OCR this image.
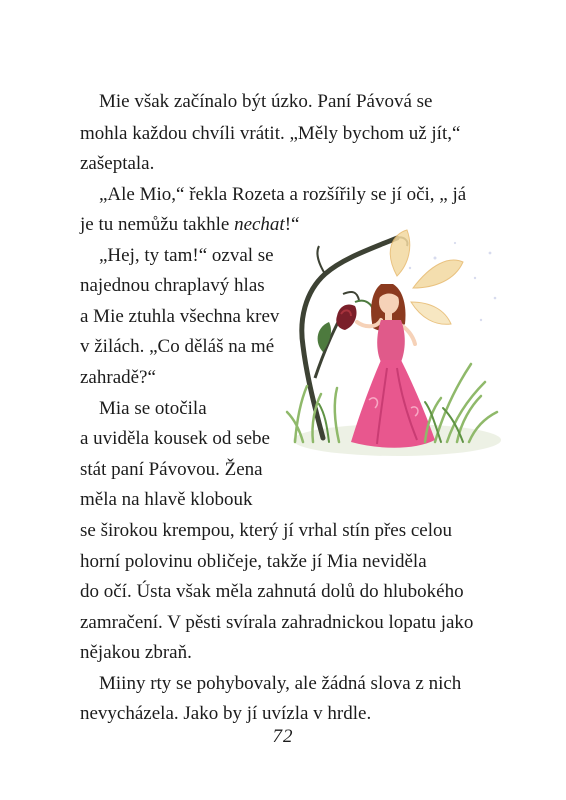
Mie však začínalo být úzko. Paní Pávová se
mohla každou chvíli vrátit. „Měly bychom už jít,“
zašeptala.
„Ale Mio,“ řekla Rozeta a rozšířily se jí oči, „ já
je tu nemůžu takhle nechat!“
„Hej, ty tam!“ ozval se
najednou chraplavý hlas
a Mie ztuhla všechna krev
v žilách. „Co děláš na mé
zahradě?“
Mia se otočila
a uviděla kousek od sebe
stát paní Pávovou. Žena
měla na hlavě klobouk
se širokou krempou, který jí vrhal stín přes celou
horní polovinu obličeje, takže jí Mia neviděla
do očí. Ústa však měla zahnutá dolů do hlubokého
zamračení. V pěsti svírala zahradnickou lopatu jako
nějakou zbraň.
Miiny rty se pohybovaly, ale žádná slova z nich
nevycházela. Jako by jí uvízla v hrdle.
72
